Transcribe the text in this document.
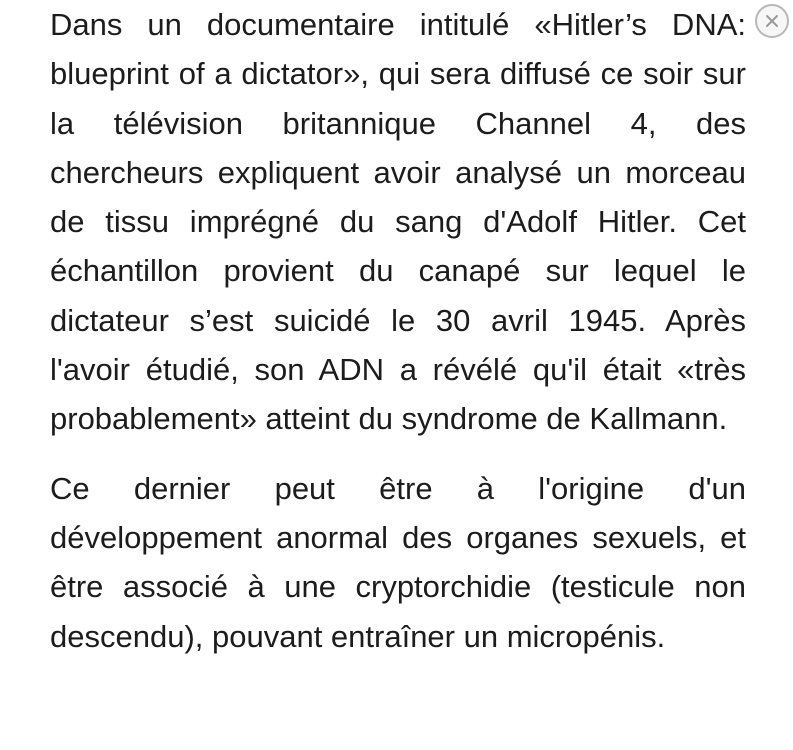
Dans un documentaire intitulé «Hitler’s DNA: blueprint of a dictator», qui sera diffusé ce soir sur la télévision britannique Channel 4, des chercheurs expliquent avoir analysé un morceau de tissu imprégné du sang d'Adolf Hitler. Cet échantillon provient du canapé sur lequel le dictateur s’est suicidé le 30 avril 1945. Après l'avoir étudié, son ADN a révélé qu'il était «très probablement» atteint du syndrome de Kallmann.

Ce dernier peut être à l'origine d'un développement anormal des organes sexuels, et être associé à une cryptorchidie (testicule non descendu), pouvant entraîner un micropénis.
